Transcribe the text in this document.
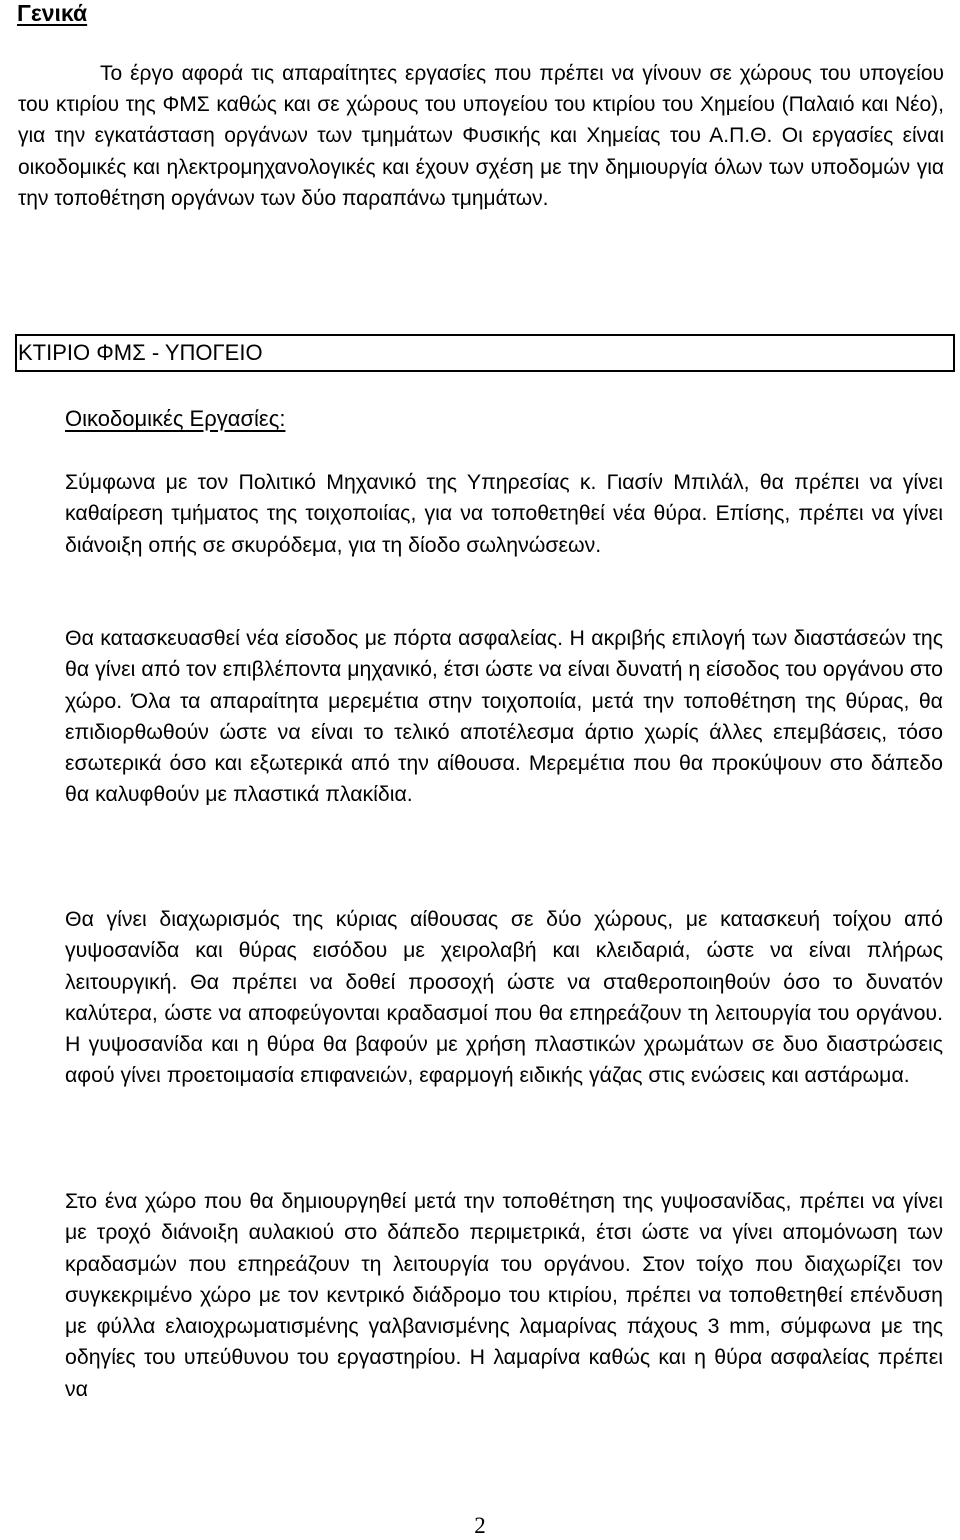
Γενικά

Το έργο αφορά τις απαραίτητες εργασίες που πρέπει να γίνουν σε χώρους του υπογείου του κτιρίου της ΦΜΣ καθώς και σε χώρους του υπογείου του κτιρίου του Χημείου (Παλαιό και Νέο), για την εγκατάσταση οργάνων των τμημάτων Φυσικής και Χημείας του Α.Π.Θ. Οι εργασίες είναι οικοδομικές και ηλεκτρομηχανολογικές και έχουν σχέση με την δημιουργία όλων των υποδομών για την τοποθέτηση οργάνων των δύο παραπάνω τμημάτων.

ΚΤΙΡΙΟ ΦΜΣ - ΥΠΟΓΕΙΟ
Οικοδομικές Εργασίες:

Σύμφωνα με τον Πολιτικό Μηχανικό της Υπηρεσίας κ. Γιασίν Μπιλάλ, θα πρέπει να γίνει καθαίρεση τμήματος της τοιχοποιίας, για να τοποθετηθεί νέα θύρα. Επίσης, πρέπει να γίνει διάνοιξη οπής σε σκυρόδεμα, για τη δίοδο σωληνώσεων.

Θα κατασκευασθεί νέα είσοδος με πόρτα ασφαλείας. Η ακριβής επιλογή των διαστάσεών της θα γίνει από τον επιβλέποντα μηχανικό, έτσι ώστε να είναι δυνατή η είσοδος του οργάνου στο χώρο. Όλα τα απαραίτητα μερεμέτια στην τοιχοποιία, μετά την τοποθέτηση της θύρας, θα επιδιορθωθούν ώστε να είναι το τελικό αποτέλεσμα άρτιο χωρίς άλλες επεμβάσεις, τόσο εσωτερικά όσο και εξωτερικά από την αίθουσα. Μερεμέτια που θα προκύψουν στο δάπεδο θα καλυφθούν με πλαστικά πλακίδια.

Θα γίνει διαχωρισμός της κύριας αίθουσας σε δύο χώρους, με κατασκευή τοίχου από γυψοσανίδα και θύρας εισόδου με χειρολαβή και κλειδαριά, ώστε να είναι πλήρως λειτουργική. Θα πρέπει να δοθεί προσοχή ώστε να σταθεροποιηθούν όσο το δυνατόν καλύτερα, ώστε να αποφεύγονται κραδασμοί που θα επηρεάζουν τη λειτουργία του οργάνου. Η γυψοσανίδα και η θύρα θα βαφούν με χρήση πλαστικών χρωμάτων σε δυο διαστρώσεις αφού γίνει προετοιμασία επιφανειών, εφαρμογή ειδικής γάζας στις ενώσεις και αστάρωμα.

Στο ένα χώρο που θα δημιουργηθεί μετά την τοποθέτηση της γυψοσανίδας, πρέπει να γίνει με τροχό διάνοιξη αυλακιού στο δάπεδο περιμετρικά, έτσι ώστε να γίνει απομόνωση των κραδασμών που επηρεάζουν τη λειτουργία του οργάνου. Στον τοίχο που διαχωρίζει τον συγκεκριμένο χώρο με τον κεντρικό διάδρομο του κτιρίου, πρέπει να τοποθετηθεί επένδυση με φύλλα ελαιοχρωματισμένης γαλβανισμένης λαμαρίνας πάχους 3 mm, σύμφωνα με της οδηγίες του υπεύθυνου του εργαστηρίου. Η λαμαρίνα καθώς και η θύρα ασφαλείας πρέπει να

2
